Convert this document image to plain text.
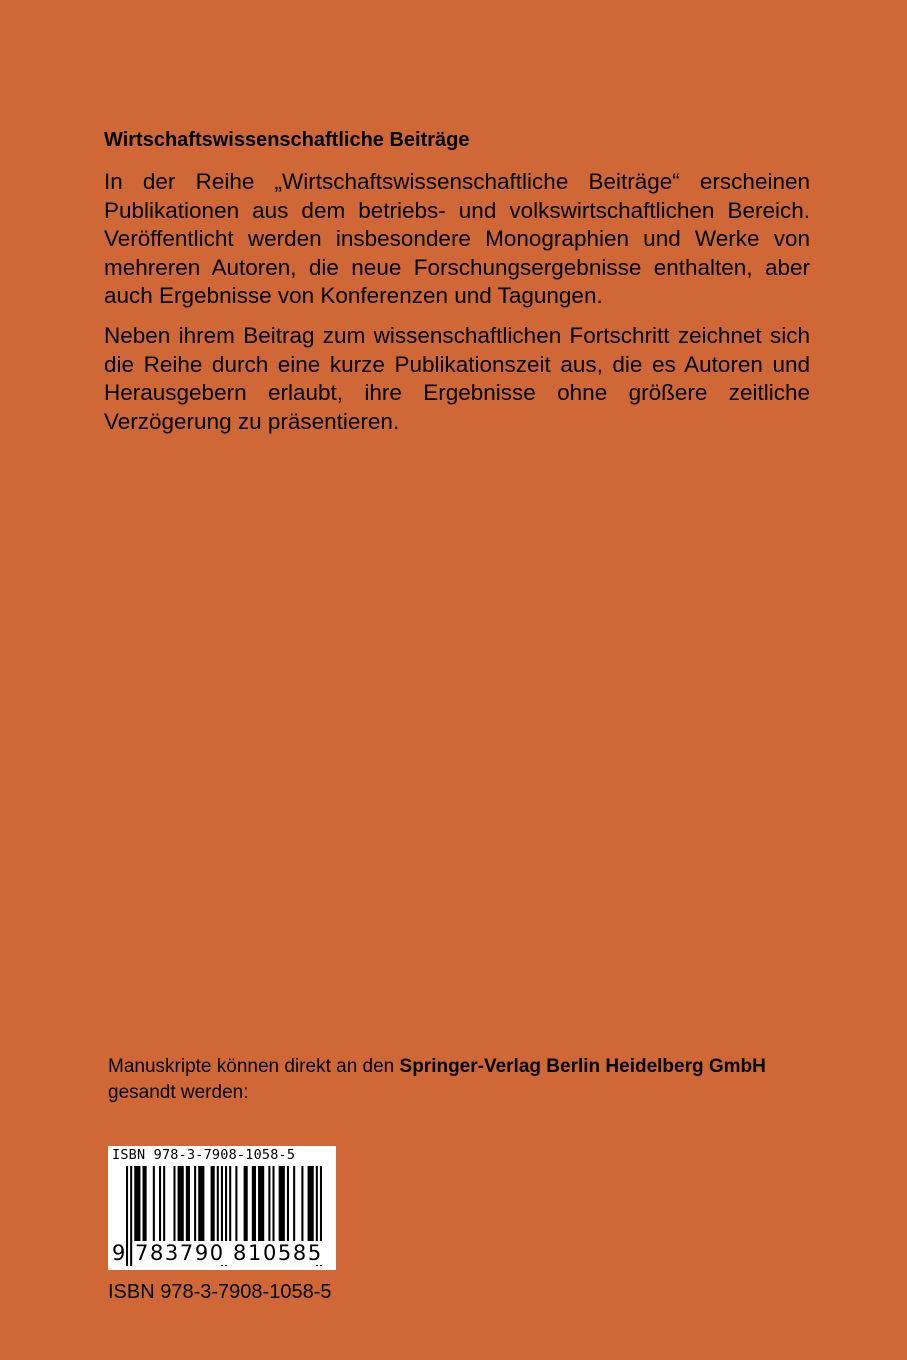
Wirtschaftswissenschaftliche Beiträge

In der Reihe „Wirtschaftswissenschaftliche Beiträge“ erscheinen Publikationen aus dem betriebs- und volkswirtschaftlichen Bereich. Veröffentlicht werden insbesondere Monographien und Werke von mehreren Autoren, die neue Forschungsergebnisse enthalten, aber auch Ergebnisse von Konferenzen und Tagungen.

Neben ihrem Beitrag zum wissenschaftlichen Fortschritt zeichnet sich die Reihe durch eine kurze Publikationszeit aus, die es Autoren und Herausgebern erlaubt, ihre Ergebnisse ohne größere zeitliche Verzögerung zu präsentieren.

Manuskripte können direkt an den Springer-Verlag Berlin Heidelberg GmbH
gesandt werden:

ISBN 978-3-7908-1058-5
9 783790 810585

ISBN 978-3-7908-1058-5
